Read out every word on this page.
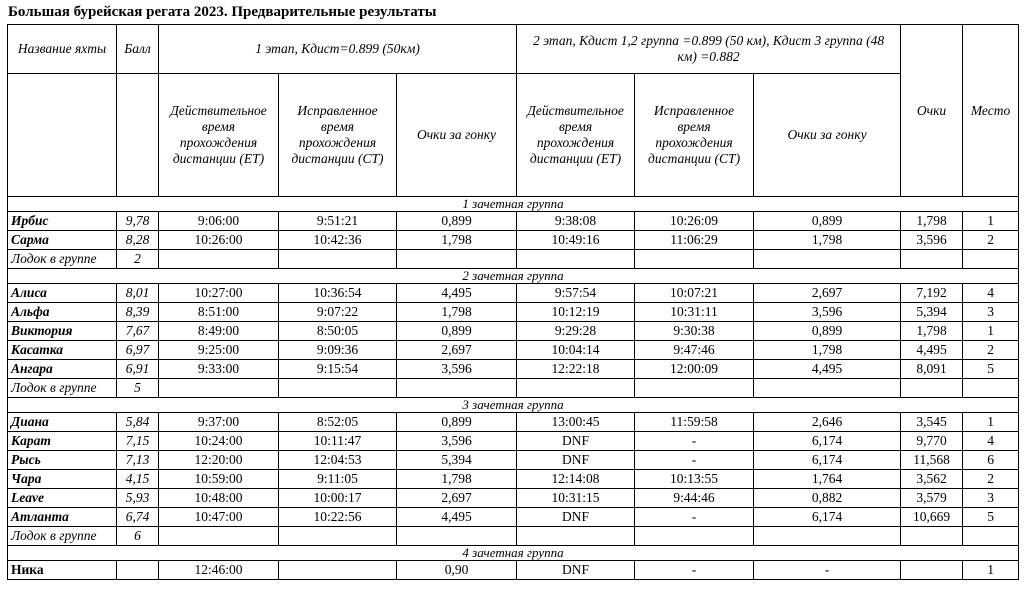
Большая бурейская регата 2023. Предварительные результаты
Название яхты	Балл	1 этап, Кдист=0.899 (50км)			2 этап, Кдист 1,2 группа =0.899 (50 км), Кдист 3 группа (48 км) =0.882			Очки	Место
		Действительное время прохождения дистанции (ET)	Исправленное время прохождения дистанции (СТ)	Очки за гонку	Действительное время прохождения дистанции (ET)	Исправленное время прохождения дистанции (СТ)	Очки за гонку		
1 зачетная группа									
Ирбис	9,78	9:06:00	9:51:21	0,899	9:38:08	10:26:09	0,899	1,798	1
Сарма	8,28	10:26:00	10:42:36	1,798	10:49:16	11:06:29	1,798	3,596	2
Лодок в группе	2								
2 зачетная группа									
Алиса	8,01	10:27:00	10:36:54	4,495	9:57:54	10:07:21	2,697	7,192	4
Альфа	8,39	8:51:00	9:07:22	1,798	10:12:19	10:31:11	3,596	5,394	3
Виктория	7,67	8:49:00	8:50:05	0,899	9:29:28	9:30:38	0,899	1,798	1
Касатка	6,97	9:25:00	9:09:36	2,697	10:04:14	9:47:46	1,798	4,495	2
Ангара	6,91	9:33:00	9:15:54	3,596	12:22:18	12:00:09	4,495	8,091	5
Лодок в группе	5								
3 зачетная группа									
Диана	5,84	9:37:00	8:52:05	0,899	13:00:45	11:59:58	2,646	3,545	1
Карат	7,15	10:24:00	10:11:47	3,596	DNF	-	6,174	9,770	4
Рысь	7,13	12:20:00	12:04:53	5,394	DNF	-	6,174	11,568	6
Чара	4,15	10:59:00	9:11:05	1,798	12:14:08	10:13:55	1,764	3,562	2
Leave	5,93	10:48:00	10:00:17	2,697	10:31:15	9:44:46	0,882	3,579	3
Атланта	6,74	10:47:00	10:22:56	4,495	DNF	-	6,174	10,669	5
Лодок в группе	6								
4 зачетная группа									
Ника		12:46:00		0,90	DNF	-	-		1
